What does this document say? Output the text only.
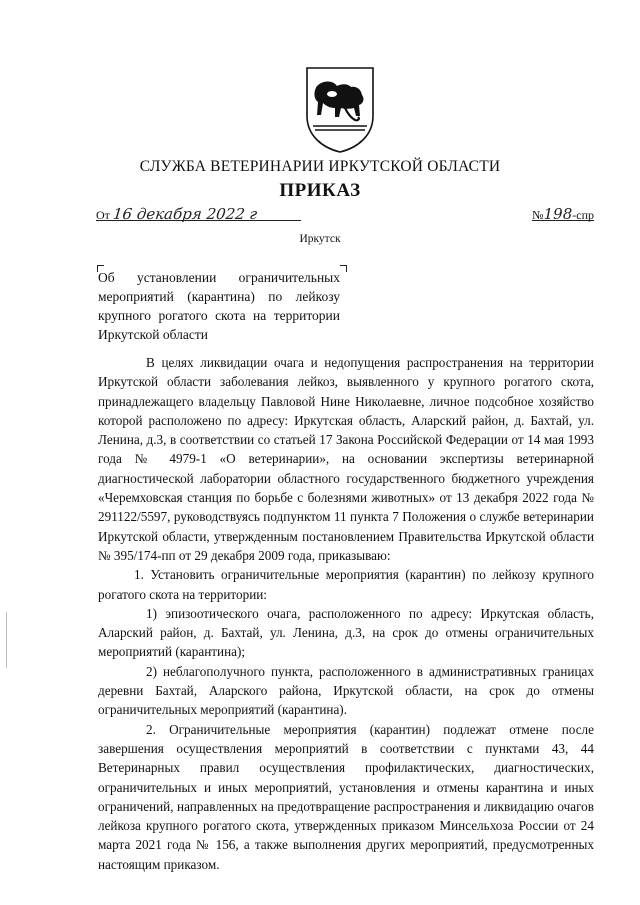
СЛУЖБА ВЕТЕРИНАРИИ ИРКУТСКОЙ ОБЛАСТИ
ПРИКАЗ
От 16 декабря 2022 г	№198-спр
Иркутск
Об установлении ограничительных мероприятий (карантина) по лейкозу крупного рогатого скота на территории Иркутской области

В целях ликвидации очага и недопущения распространения на территории Иркутской области заболевания лейкоз, выявленного у крупного рогатого скота, принадлежащего владельцу Павловой Нине Николаевне, личное подсобное хозяйство которой расположено по адресу: Иркутская область, Аларский район, д. Бахтай, ул. Ленина, д.3, в соответствии со статьей 17 Закона Российской Федерации от 14 мая 1993 года № 4979-1 «О ветеринарии», на основании экспертизы ветеринарной диагностической лаборатории областного государственного бюджетного учреждения «Черемховская станция по борьбе с болезнями животных» от 13 декабря 2022 года № 291122/5597, руководствуясь подпунктом 11 пункта 7 Положения о службе ветеринарии Иркутской области, утвержденным постановлением Правительства Иркутской области № 395/174-пп от 29 декабря 2009 года, приказываю:

1. Установить ограничительные мероприятия (карантин) по лейкозу крупного рогатого скота на территории:

1) эпизоотического очага, расположенного по адресу: Иркутская область, Аларский район, д. Бахтай, ул. Ленина, д.3, на срок до отмены ограничительных мероприятий (карантина);

2) неблагополучного пункта, расположенного в административных границах деревни Бахтай, Аларского района, Иркутской области, на срок до отмены ограничительных мероприятий (карантина).

2. Ограничительные мероприятия (карантин) подлежат отмене после завершения осуществления мероприятий в соответствии с пунктами 43, 44 Ветеринарных правил осуществления профилактических, диагностических, ограничительных и иных мероприятий, установления и отмены карантина и иных ограничений, направленных на предотвращение распространения и ликвидацию очагов лейкоза крупного рогатого скота, утвержденных приказом Минсельхоза России от 24 марта 2021 года № 156, а также выполнения других мероприятий, предусмотренных настоящим приказом.
